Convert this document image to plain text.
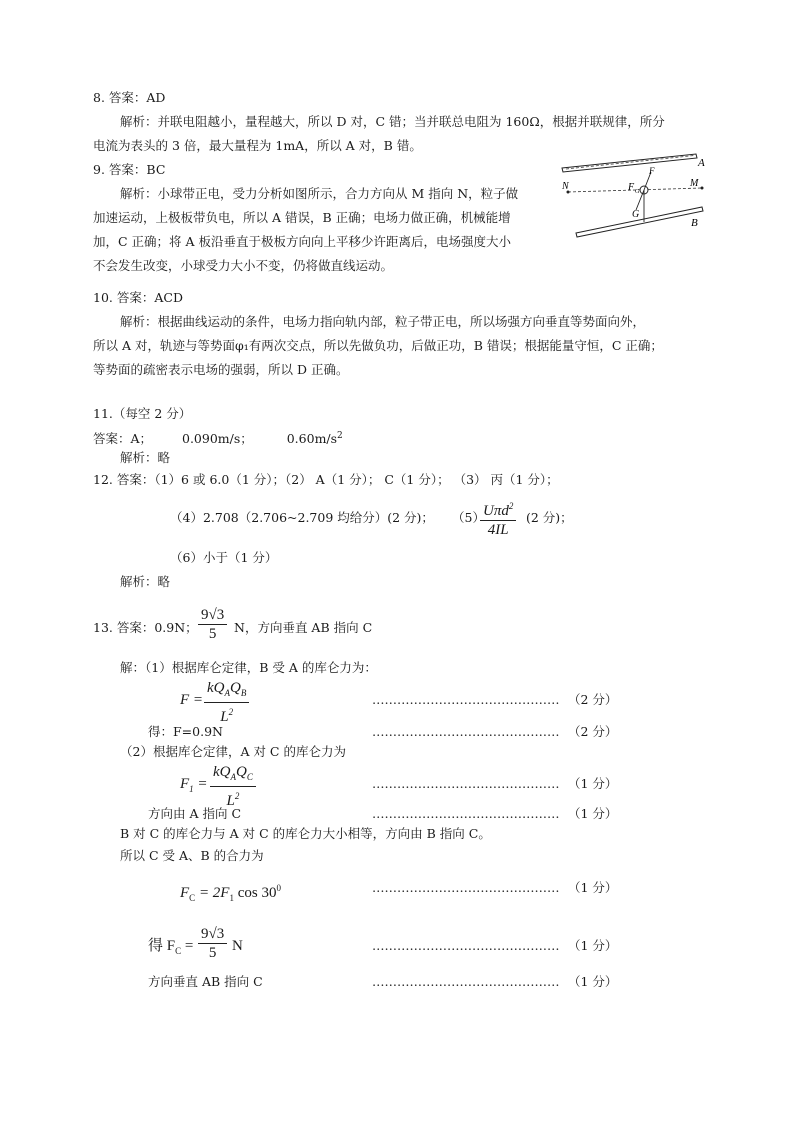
8. 答案：AD
解析：并联电阻越小，量程越大，所以 D 对，C 错；当并联总电阻为 160Ω，根据并联规律，所分
电流为表头的 3 倍，最大量程为 1mA，所以 A 对，B 错。
9. 答案：BC
解析：小球带正电，受力分析如图所示，合力方向从 M 指向 N，粒子做
加速运动，上极板带负电，所以 A 错误，B 正确；电场力做正确，机械能增
加，C 正确；将 A 板沿垂直于极板方向向上平移少许距离后，电场强度大小
不会发生改变，小球受力大小不变，仍将做直线运动。
A
B
N	M
F
F G
G
10. 答案：ACD
解析：根据曲线运动的条件，电场力指向轨内部，粒子带正电，所以场强方向垂直等势面向外，
所以 A 对，轨迹与等势面φ₁有两次交点，所以先做负功，后做正功，B 错误；根据能量守恒，C 正确；
等势面的疏密表示电场的强弱，所以 D 正确。
11.（每空 2 分）
答案：A； 0.090m/s；	$0.60m/s^2$
解析：略
12. 答案：（1）6 或 6.0（1 分）；（2） A（1 分）； C（1 分）； （3） 丙（1 分）；
（4）2.708（2.706~2.709 均给分）(2 分)； （5）
Uπd$^2$
4IL
(2 分)；
（6）小于（1 分）
解析：略
13. 答案：0.9N； $\frac{9√3}{5}$ N，方向垂直 AB 指向 C
解：（1）根据库仑定律，B 受 A 的库仑力为：
F =
$kQ_AQ_B$
$L^2$
……………………………………… （2 分）
得：F=0.9N	……………………………………… （2 分）
（2）根据库仑定律，A 对 C 的库仑力为
$F_1$ =
$kQ_AQ_C$
$L^2$
……………………………………… （1 分）
方向由 A 指向 C	……………………………………… （1 分）
B 对 C 的库仑力与 A 对 C 的库仑力大小相等，方向由 B 指向 C。
所以 C 受 A、B 的合力为
$F_C = 2F_1$ $\cos 30^0$	……………………………………… （1 分）
得 $F_C = \frac{9√3}{5}$ N	……………………………………… （1 分）
方向垂直 AB 指向 C	……………………………………… （1 分）
